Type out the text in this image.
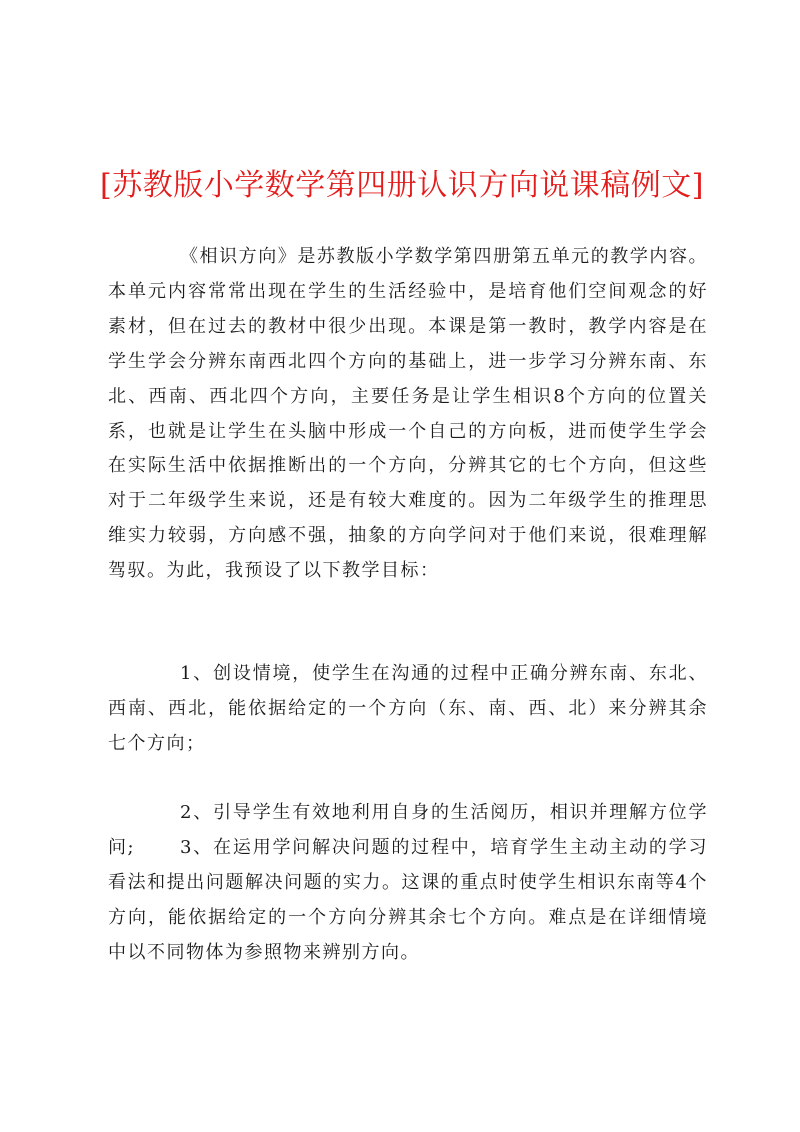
[苏教版小学数学第四册认识方向说课稿例文]

《相识方向》是苏教版小学数学第四册第五单元的教学内容。本单元内容常常出现在学生的生活经验中，是培育他们空间观念的好素材，但在过去的教材中很少出现。本课是第一教时，教学内容是在学生学会分辨东南西北四个方向的基础上，进一步学习分辨东南、东北、西南、西北四个方向，主要任务是让学生相识8个方向的位置关系，也就是让学生在头脑中形成一个自己的方向板，进而使学生学会在实际生活中依据推断出的一个方向，分辨其它的七个方向，但这些对于二年级学生来说，还是有较大难度的。因为二年级学生的推理思维实力较弱，方向感不强，抽象的方向学问对于他们来说，很难理解驾驭。为此，我预设了以下教学目标：

1、创设情境，使学生在沟通的过程中正确分辨东南、东北、西南、西北，能依据给定的一个方向（东、南、西、北）来分辨其余七个方向；

2、引导学生有效地利用自身的生活阅历，相识并理解方位学问;	3、在运用学问解决问题的过程中，培育学生主动主动的学习看法和提出问题解决问题的实力。这课的重点时使学生相识东南等4个方向，能依据给定的一个方向分辨其余七个方向。难点是在详细情境中以不同物体为参照物来辨别方向。
